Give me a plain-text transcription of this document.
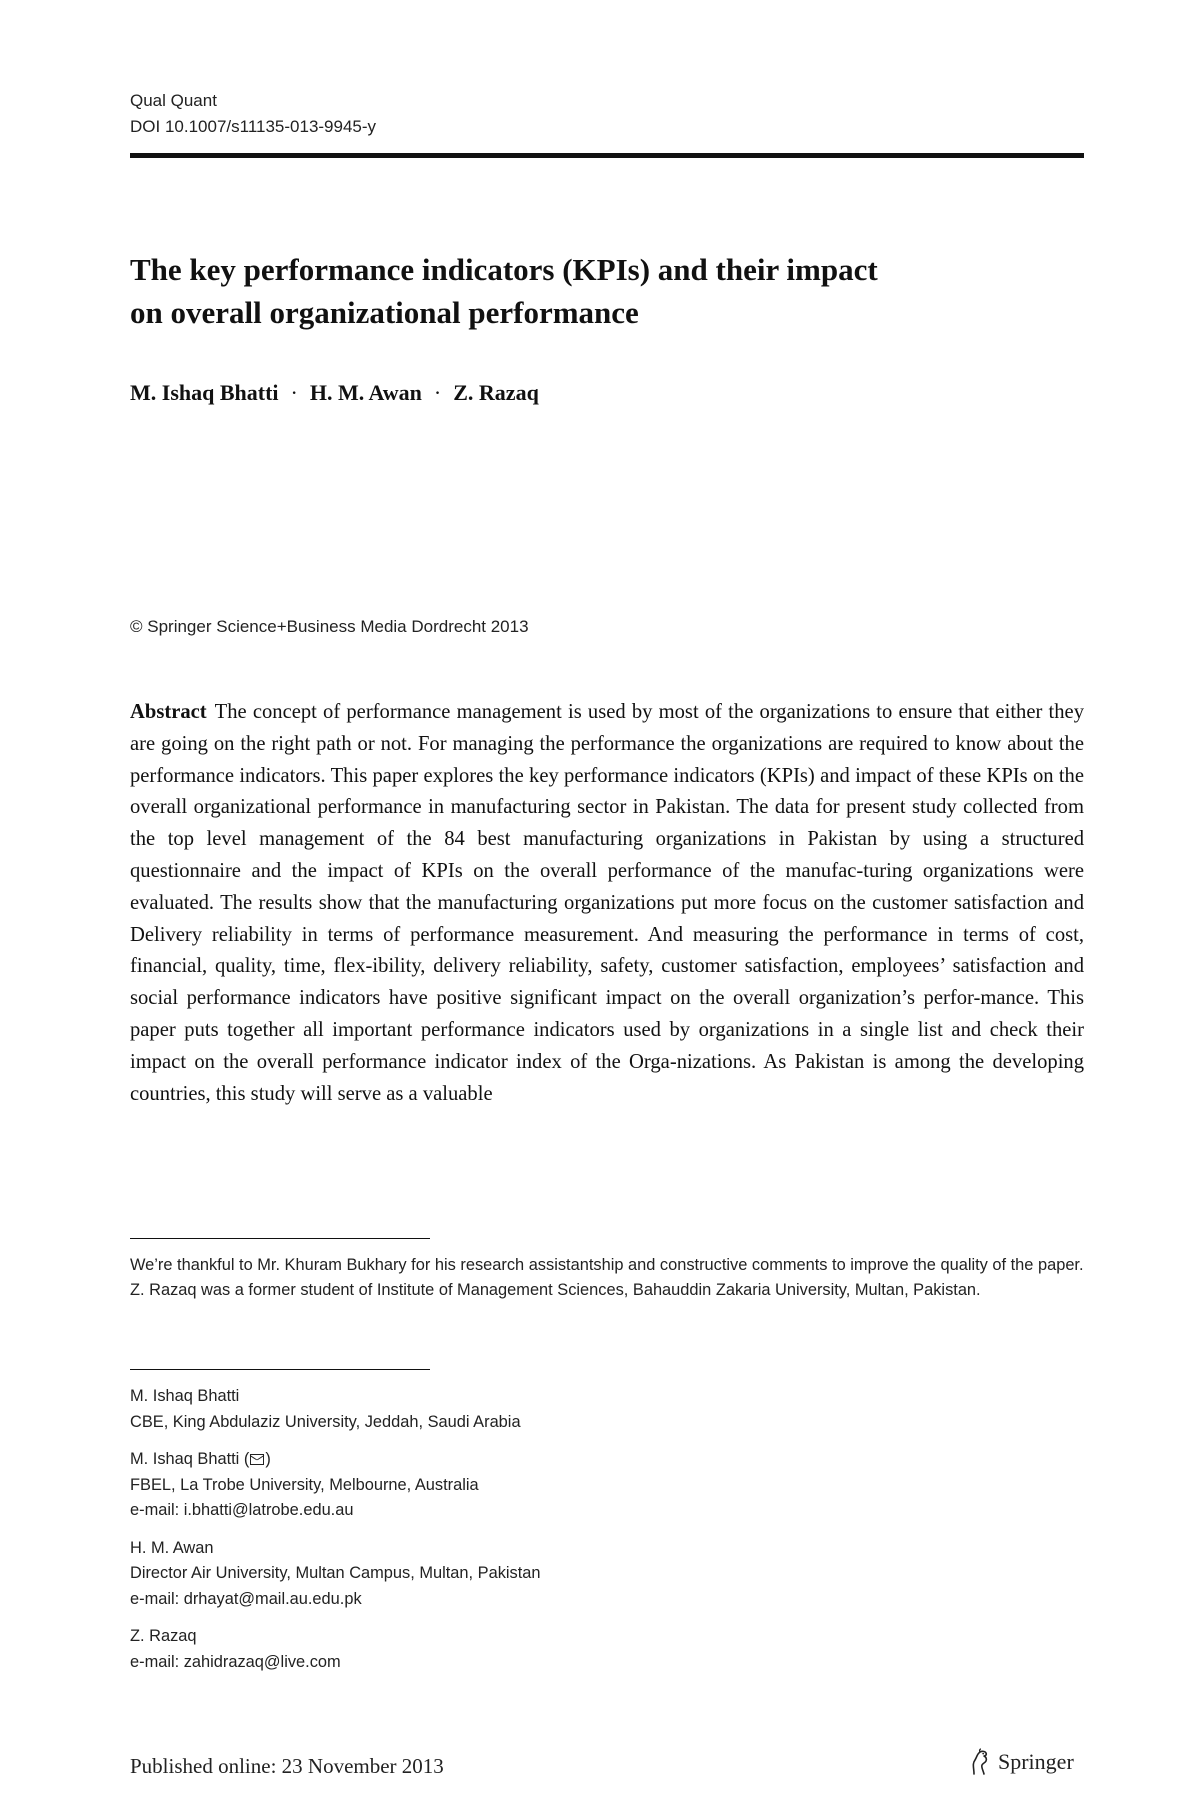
Qual Quant
DOI 10.1007/s11135-013-9945-y
The key performance indicators (KPIs) and their impact
on overall organizational performance
M. Ishaq Bhatti · H. M. Awan · Z. Razaq
© Springer Science+Business Media Dordrecht 2013
Abstract The concept of performance management is used by most of the organizations to ensure that either they are going on the right path or not. For managing the performance the organizations are required to know about the performance indicators. This paper explores the key performance indicators (KPIs) and impact of these KPIs on the overall organizational performance in manufacturing sector in Pakistan. The data for present study collected from the top level management of the 84 best manufacturing organizations in Pakistan by using a structured questionnaire and the impact of KPIs on the overall performance of the manufac-turing organizations were evaluated. The results show that the manufacturing organizations put more focus on the customer satisfaction and Delivery reliability in terms of performance measurement. And measuring the performance in terms of cost, financial, quality, time, flex-ibility, delivery reliability, safety, customer satisfaction, employees’ satisfaction and social performance indicators have positive significant impact on the overall organization’s perfor-mance. This paper puts together all important performance indicators used by organizations in a single list and check their impact on the overall performance indicator index of the Orga-nizations. As Pakistan is among the developing countries, this study will serve as a valuable

We’re thankful to Mr. Khuram Bukhary for his research assistantship and constructive comments to improve the quality of the paper.

Z. Razaq was a former student of Institute of Management Sciences, Bahauddin Zakaria University, Multan, Pakistan.

M. Ishaq Bhatti
CBE, King Abdulaziz University, Jeddah, Saudi Arabia
M. Ishaq Bhatti ( )
FBEL, La Trobe University, Melbourne, Australia
e-mail: i.bhatti@latrobe.edu.au
H. M. Awan
Director Air University, Multan Campus, Multan, Pakistan
e-mail: drhayat@mail.au.edu.pk
Z. Razaq
e-mail: zahidrazaq@live.com
Published online: 23 November 2013	Springer
